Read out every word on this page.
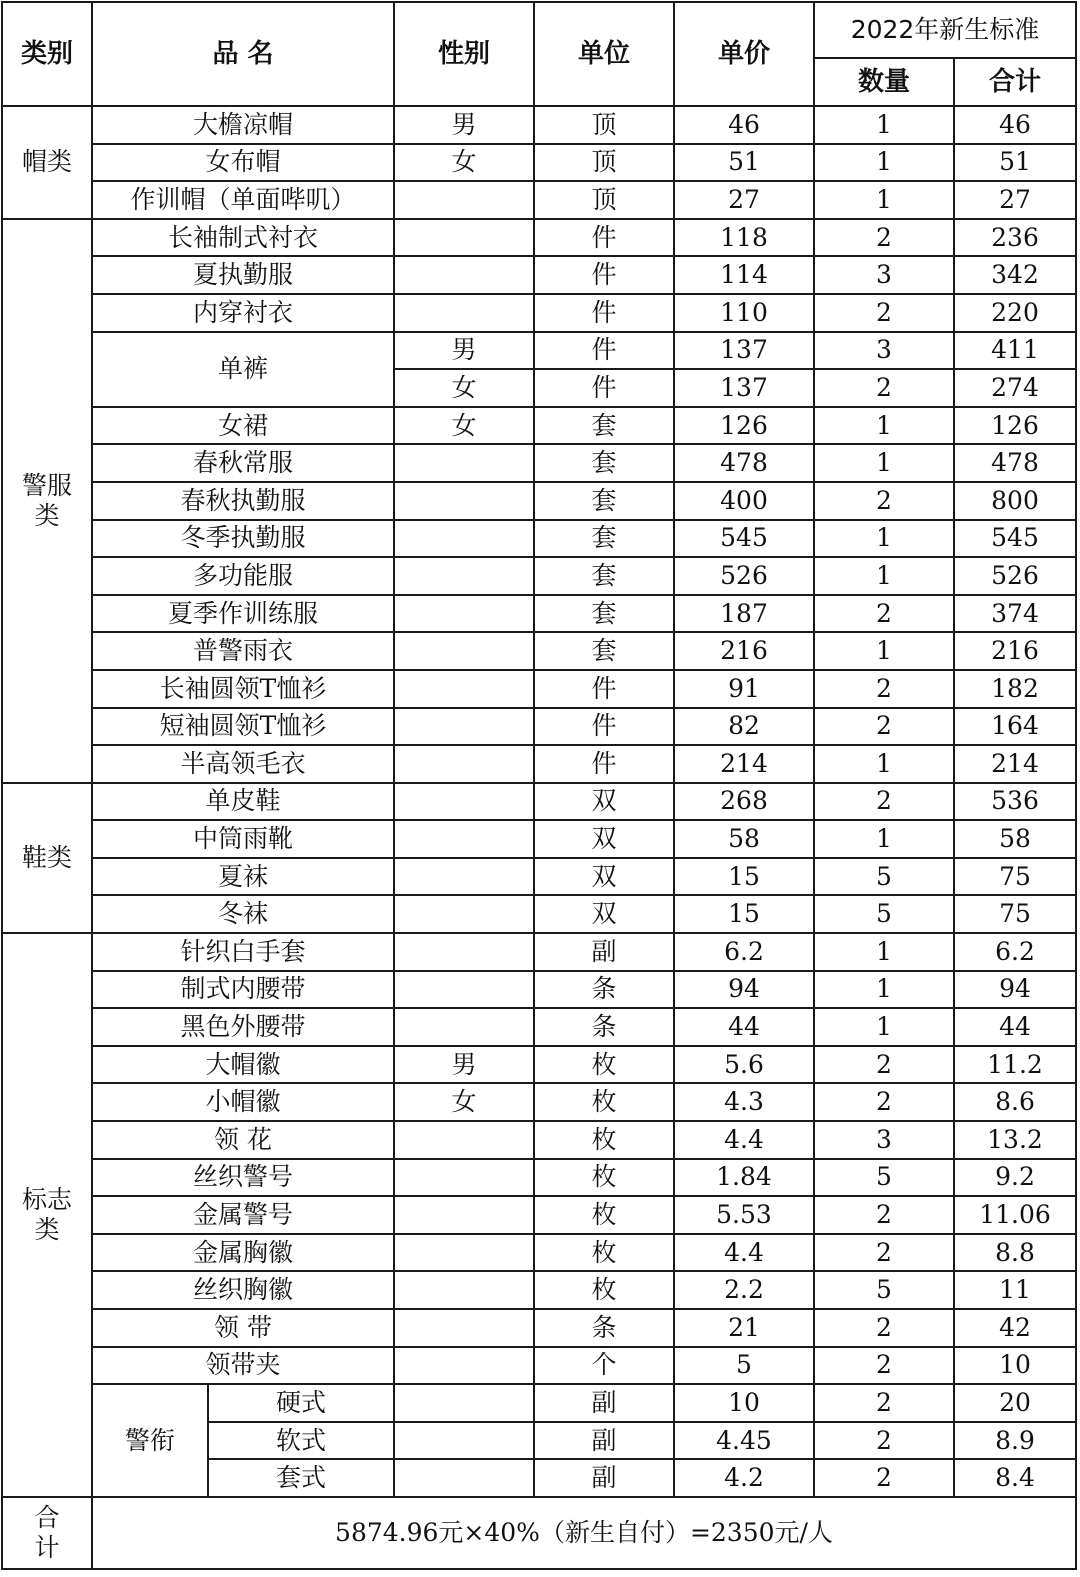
类别	品 名		性别	单位	单价	2022年新生标准	
						数量	合计
帽类	大檐凉帽		男	顶	46	1	46
	女布帽		女	顶	51	1	51
	作训帽（单面哔叽）			顶	27	1	27
警服类	长袖制式衬衣			件	118	2	236
	夏执勤服			件	114	3	342
	内穿衬衣			件	110	2	220
	单裤		男	件	137	3	411
			女	件	137	2	274
	女裙		女	套	126	1	126
	春秋常服			套	478	1	478
	春秋执勤服			套	400	2	800
	冬季执勤服			套	545	1	545
	多功能服			套	526	1	526
	夏季作训练服			套	187	2	374
	普警雨衣			套	216	1	216
	长袖圆领T恤衫			件	91	2	182
	短袖圆领T恤衫			件	82	2	164
	半高领毛衣			件	214	1	214
鞋类	单皮鞋			双	268	2	536
	中筒雨靴			双	58	1	58
	夏袜			双	15	5	75
	冬袜			双	15	5	75
标志类	针织白手套			副	6.2	1	6.2
	制式内腰带			条	94	1	94
	黑色外腰带			条	44	1	44
	大帽徽		男	枚	5.6	2	11.2
	小帽徽		女	枚	4.3	2	8.6
	领 花			枚	4.4	3	13.2
	丝织警号			枚	1.84	5	9.2
	金属警号			枚	5.53	2	11.06
	金属胸徽			枚	4.4	2	8.8
	丝织胸徽			枚	2.2	5	11
	领 带			条	21	2	42
	领带夹			个	5	2	10
	警衔	硬式		副	10	2	20
		软式		副	4.45	2	8.9
		套式		副	4.2	2	8.4
合计	5874.96元×40%（新生自付）=2350元/人						
